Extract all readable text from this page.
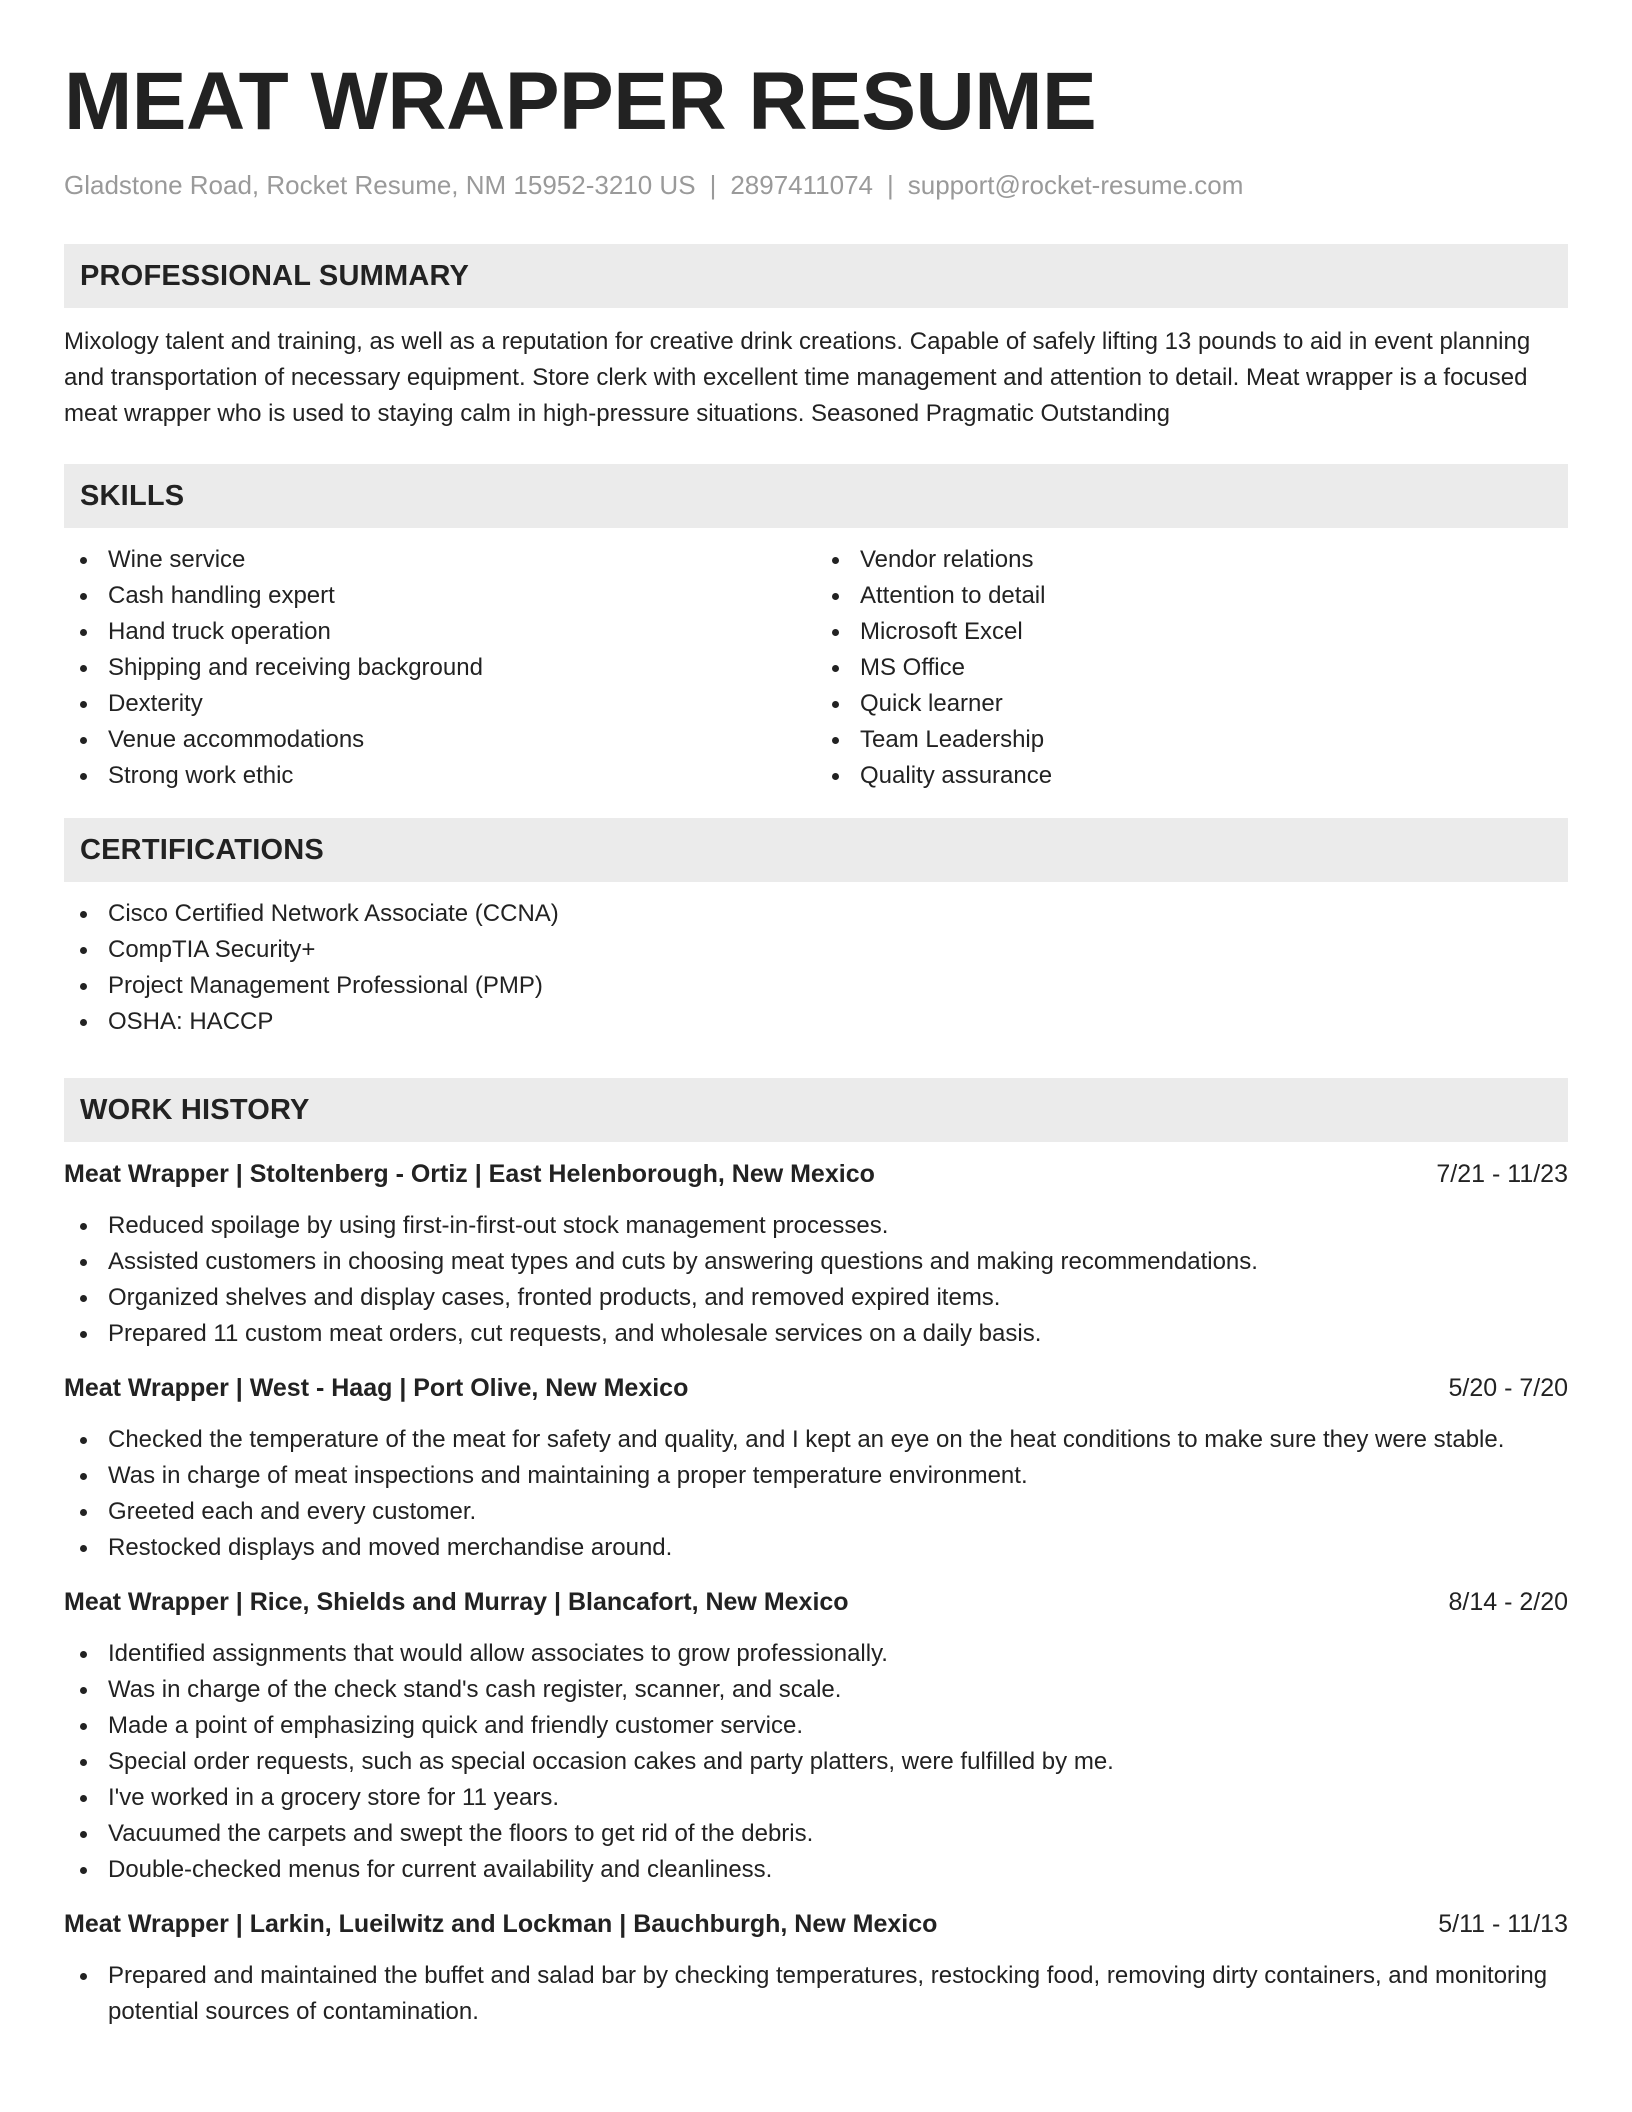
MEAT WRAPPER RESUME
Gladstone Road, Rocket Resume, NM 15952-3210 US | 2897411074 | support@rocket-resume.com
PROFESSIONAL SUMMARY

Mixology talent and training, as well as a reputation for creative drink creations. Capable of safely lifting 13 pounds to aid in event planning and transportation of necessary equipment. Store clerk with excellent time management and attention to detail. Meat wrapper is a focused meat wrapper who is used to staying calm in high-pressure situations. Seasoned Pragmatic Outstanding

SKILLS
Wine service
Cash handling expert
Hand truck operation
Shipping and receiving background
Dexterity
Venue accommodations
Strong work ethic
Vendor relations
Attention to detail
Microsoft Excel
MS Office
Quick learner
Team Leadership
Quality assurance
CERTIFICATIONS
Cisco Certified Network Associate (CCNA)
CompTIA Security+
Project Management Professional (PMP)
OSHA: HACCP
WORK HISTORY
Meat Wrapper | Stoltenberg - Ortiz | East Helenborough, New Mexico	7/21 - 11/23
Reduced spoilage by using first-in-first-out stock management processes.
Assisted customers in choosing meat types and cuts by answering questions and making recommendations.
Organized shelves and display cases, fronted products, and removed expired items.
Prepared 11 custom meat orders, cut requests, and wholesale services on a daily basis.
Meat Wrapper | West - Haag | Port Olive, New Mexico	5/20 - 7/20
Checked the temperature of the meat for safety and quality, and I kept an eye on the heat conditions to make sure they were stable.
Was in charge of meat inspections and maintaining a proper temperature environment.
Greeted each and every customer.
Restocked displays and moved merchandise around.
Meat Wrapper | Rice, Shields and Murray | Blancafort, New Mexico	8/14 - 2/20
Identified assignments that would allow associates to grow professionally.
Was in charge of the check stand's cash register, scanner, and scale.
Made a point of emphasizing quick and friendly customer service.
Special order requests, such as special occasion cakes and party platters, were fulfilled by me.
I've worked in a grocery store for 11 years.
Vacuumed the carpets and swept the floors to get rid of the debris.
Double-checked menus for current availability and cleanliness.
Meat Wrapper | Larkin, Lueilwitz and Lockman | Bauchburgh, New Mexico	5/11 - 11/13
Prepared and maintained the buffet and salad bar by checking temperatures, restocking food, removing dirty containers, and monitoring potential sources of contamination.
